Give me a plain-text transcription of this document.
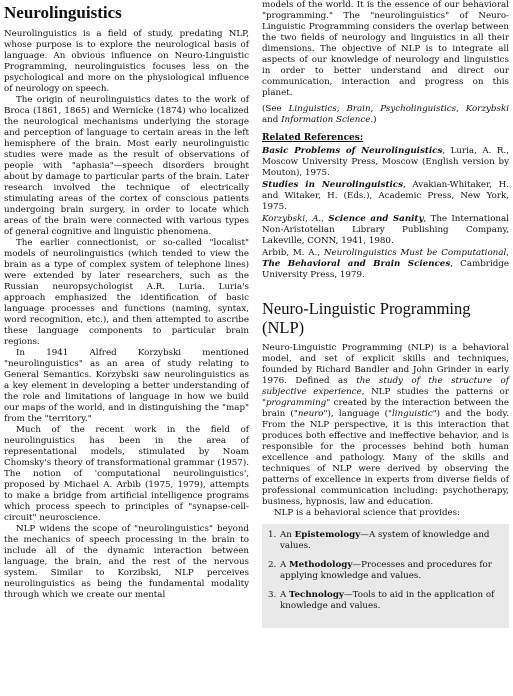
Neurolinguistics

Neurolinguistics is a field of study, predating NLP, whose purpose is to explore the neurological basis of language. An obvious influence on Neuro-Linguistic Programming, neurolinguistics focuses less on the psychological and more on the physiological influence of neurology on speech.

The origin of neurolinguistics dates to the work of Broca (1861, 1865) and Wernicke (1874) who localized the neurological mechanisms underlying the storage and perception of language to certain areas in the left hemisphere of the brain. Most early neurolinguistic studies were made as the result of observations of people with "aphasia"—speech disorders brought about by damage to particular parts of the brain. Later research involved the technique of electrically stimulating areas of the cortex of conscious patients undergoing brain surgery, in order to locate which areas of the brain were connected with various types of general cognitive and linguistic phenomena.

The earlier connectionist, or so-called "localist" models of neurolinguistics (which tended to view the brain as a type of complex system of telephone lines) were extended by later researchers, such as the Russian neuropsychologist A.R. Luria. Luria's approach emphasized the identification of basic language processes and functions (naming, syntax, word recognition, etc.), and then attempted to ascribe these language components to particular brain regions.

In 1941 Alfred Korzybski mentioned "neurolinguistics" as an area of study relating to General Semantics. Korzybski saw neurolinguistics as a key element in developing a better understanding of the role and limitations of language in how we build our maps of the world, and in distinguishing the "map" from the "territory."

Much of the recent work in the field of neurolinguistics has been in the area of representational models, stimulated by Noam Chomsky's theory of transformational grammar (1957). The notion of 'computational neurolinguistics', proposed by Michael A. Arbib (1975, 1979), attempts to make a bridge from artificial intelligence programs which process speech to principles of "synapse-cell-circuit" neuroscience.

NLP widens the scope of "neurolinguistics" beyond the mechanics of speech processing in the brain to include all of the dynamic interaction between language, the brain, and the rest of the nervous system. Similar to Korzibski, NLP perceives neurolinguistics as being the fundamental modality through which we create our mental

models of the world. It is the essence of our behavioral "programming." The "neurolinguistics" of Neuro-Linguistic Programming considers the overlap between the two fields of neurology and linguistics in all their dimensions. The objective of NLP is to integrate all aspects of our knowledge of neurology and linguistics in order to better understand and direct our communication, interaction and progress on this planet.

(See Linguistics, Brain, Psycholinguistics, Korzybski and Information Science.)

Related References:
Basic Problems of Neurolinguistics, Luria, A. R., Moscow University Press, Moscow (English version by Mouton), 1975.
Studies in Neurolinguistics, Avakian-Whitaker, H. and Witaker, H. (Eds.), Academic Press, New York, 1975.
Korzybski, A., Science and Sanity, The International Non-Aristotelian Library Publishing Company, Lakeville, CONN, 1941, 1980.
Arbib, M. A., Neurolinguistics Must be Computational, The Behavioral and Brain Sciences, Cambridge University Press, 1979.
Neuro-Linguistic Programming (NLP)

Neuro-Linguistic Programming (NLP) is a behavioral model, and set of explicit skills and techniques, founded by Richard Bandler and John Grinder in early 1976. Defined as the study of the structure of subjective experience, NLP studies the patterns or "programming" created by the interaction between the brain ("neuro"), language ("linguistic") and the body. From the NLP perspective, it is this interaction that produces both effective and ineffective behavior, and is responsible for the processes behind both human excellence and pathology. Many of the skills and techniques of NLP were derived by observing the patterns of excellence in experts from diverse fields of professional communication including: psychotherapy, business, hypnosis, law and education.

NLP is a behavioral science that provides:

1. An Epistemology—A system of knowledge and values.
2. A Methodology—Processes and procedures for applying knowledge and values.
3. A Technology—Tools to aid in the application of knowledge and values.
